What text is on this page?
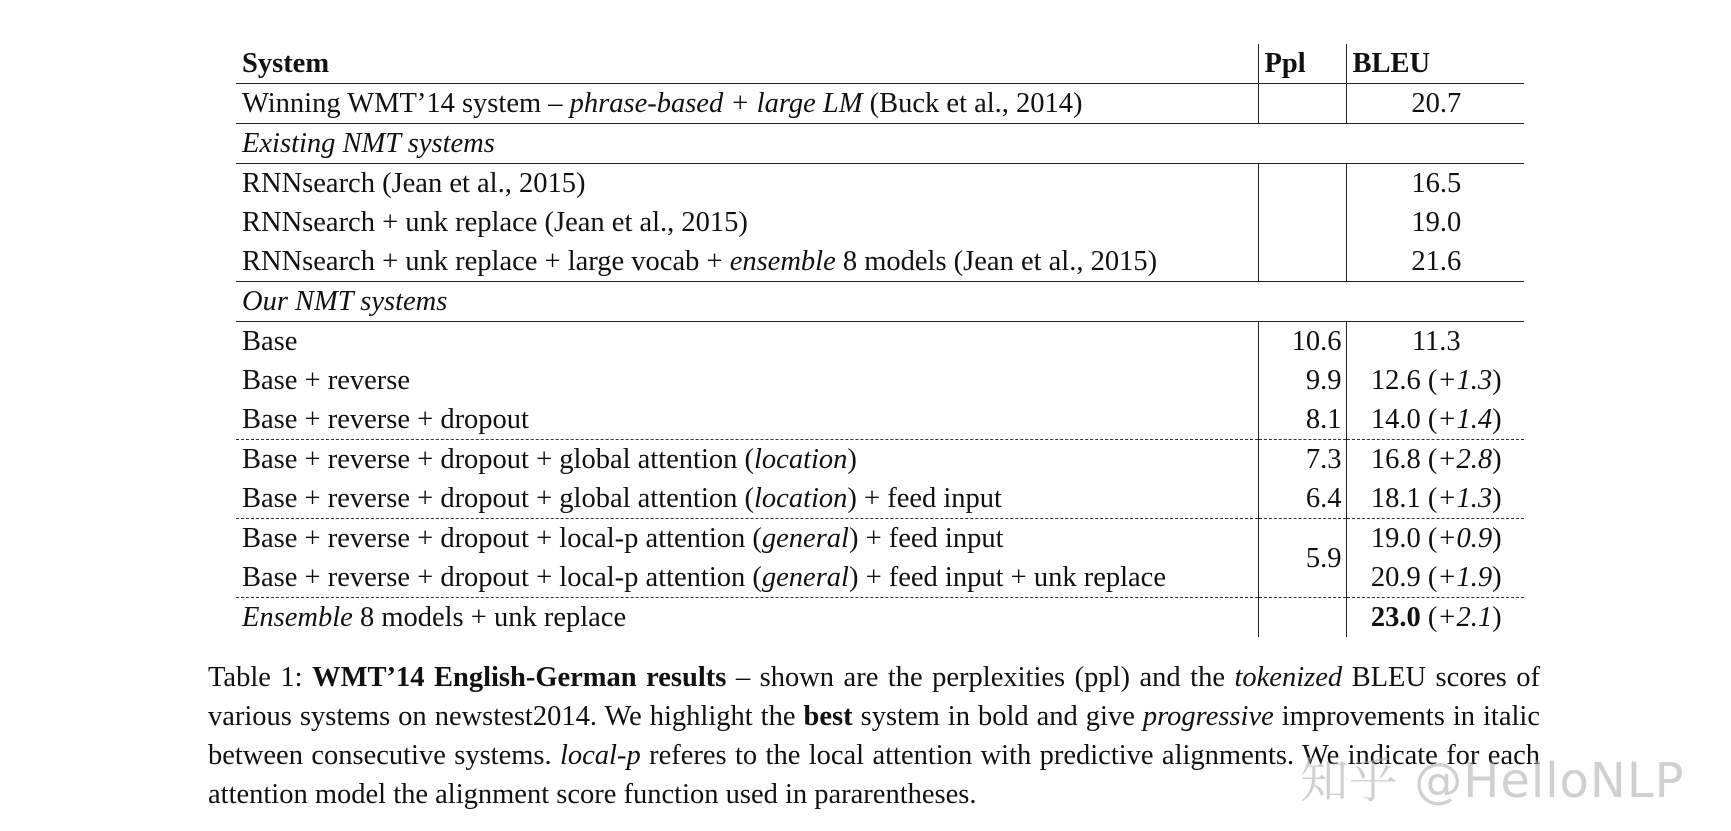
System	Ppl	BLEU
Winning WMT’14 system – phrase-based + large LM (Buck et al., 2014)		20.7
Existing NMT systems		
RNNsearch (Jean et al., 2015)		16.5
RNNsearch + unk replace (Jean et al., 2015)		19.0
RNNsearch + unk replace + large vocab + ensemble 8 models (Jean et al., 2015)		21.6
Our NMT systems		
Base	10.6	11.3
Base + reverse	9.9	12.6 (+1.3)
Base + reverse + dropout	8.1	14.0 (+1.4)
Base + reverse + dropout + global attention (location)	7.3	16.8 (+2.8)
Base + reverse + dropout + global attention (location) + feed input	6.4	18.1 (+1.3)
Base + reverse + dropout + local-p attention (general) + feed input	5.9	19.0 (+0.9)
Base + reverse + dropout + local-p attention (general) + feed input + unk replace		20.9 (+1.9)
Ensemble 8 models + unk replace		23.0 (+2.1)

Table 1: WMT’14 English-German results – shown are the perplexities (ppl) and the tokenized BLEU scores of various systems on newstest2014. We highlight the best system in bold and give progressive improvements in italic between consecutive systems. local-p referes to the local attention with predictive alignments. We indicate for each attention model the alignment score function used in pararentheses.	知乎 @HelloNLP
